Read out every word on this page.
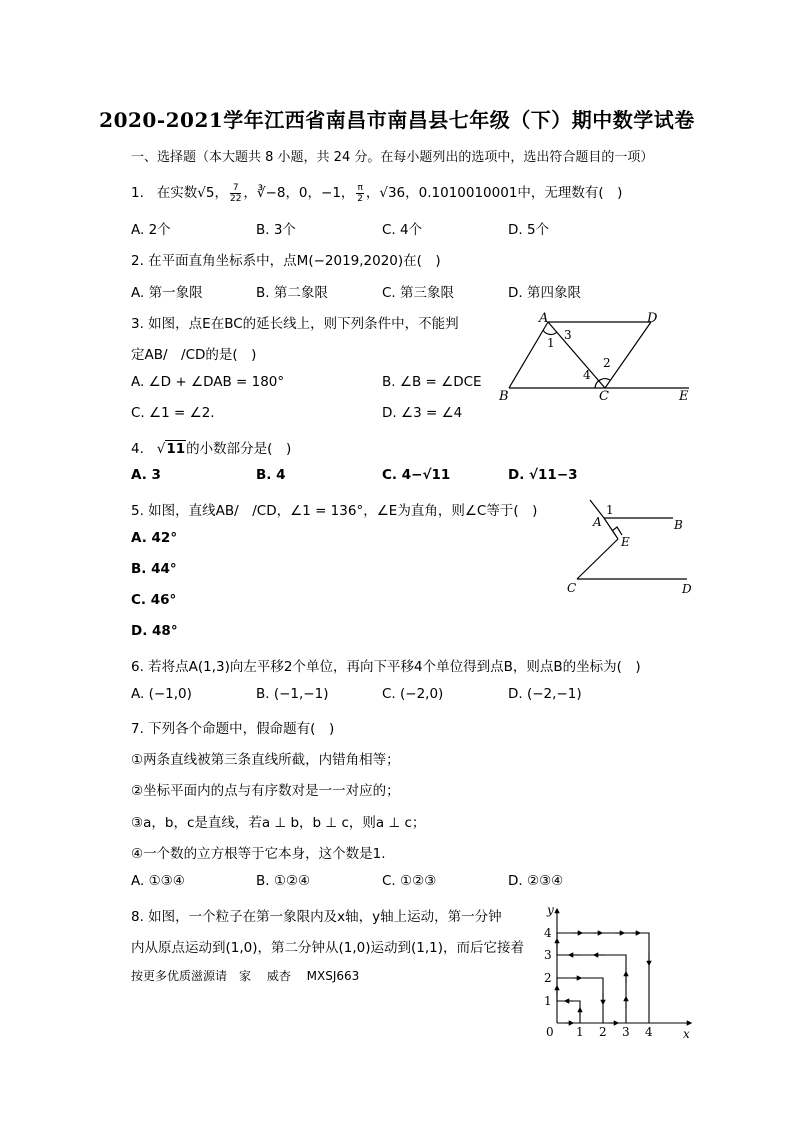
2020-2021学年江西省南昌市南昌县七年级（下）期中数学试卷
一、选择题（本大题共 8 小题，共 24 分。在每小题列出的选项中，选出符合题目的一项）
1. 在实数√5， $\frac{7}{22}$ ，∛−8，0，−1， $\frac{\pi}{2}$ ，√36，0.1010010001中，无理数有(　)
A. 2个	B. 3个	C. 4个	D. 5个
2. 在平面直角坐标系中，点M(−2019,2020)在(　)
A. 第一象限	B. 第二象限	C. 第三象限	D. 第四象限
3. 如图，点E在BC的延长线上，则下列条件中，不能判
定AB/　/CD的是(　)
A. ∠D + ∠DAB = 180°	B. ∠B = ∠DCE
C. ∠1 = ∠2.	D. ∠3 = ∠4
A	D
B	C	E
1
2
3
4
4.   √11的小数部分是(　)
A. 3	B. 4	C. 4−√11	D. √11−3
5. 如图，直线AB/　/CD，∠1 = 136°，∠E为直角，则∠C等于(　)
A. 42°
B. 44°
C. 46°
D. 48°
A	B
E
C	D
1
6. 若将点A(1,3)向左平移2个单位，再向下平移4个单位得到点B，则点B的坐标为(　)
A. (−1,0)	B. (−1,−1)	C. (−2,0)	D. (−2,−1)
7. 下列各个命题中，假命题有(　)
①两条直线被第三条直线所截，内错角相等；
②坐标平面内的点与有序数对是一一对应的；
③a，b，c是直线，若a ⊥ b，b ⊥ c，则a ⊥ c；
④一个数的立方根等于它本身，这个数是1.
A. ①③④	B. ①②④	C. ①②③	D. ②③④
8. 如图，一个粒子在第一象限内及x轴，y轴上运动，第一分钟
内从原点运动到(1,0)，第二分钟从(1,0)运动到(1,1)，而后它接着
按更多优质滋源请　家　 威杏　 MXSJ663
y
x
0 1 2 3 4
1
2
3
4
